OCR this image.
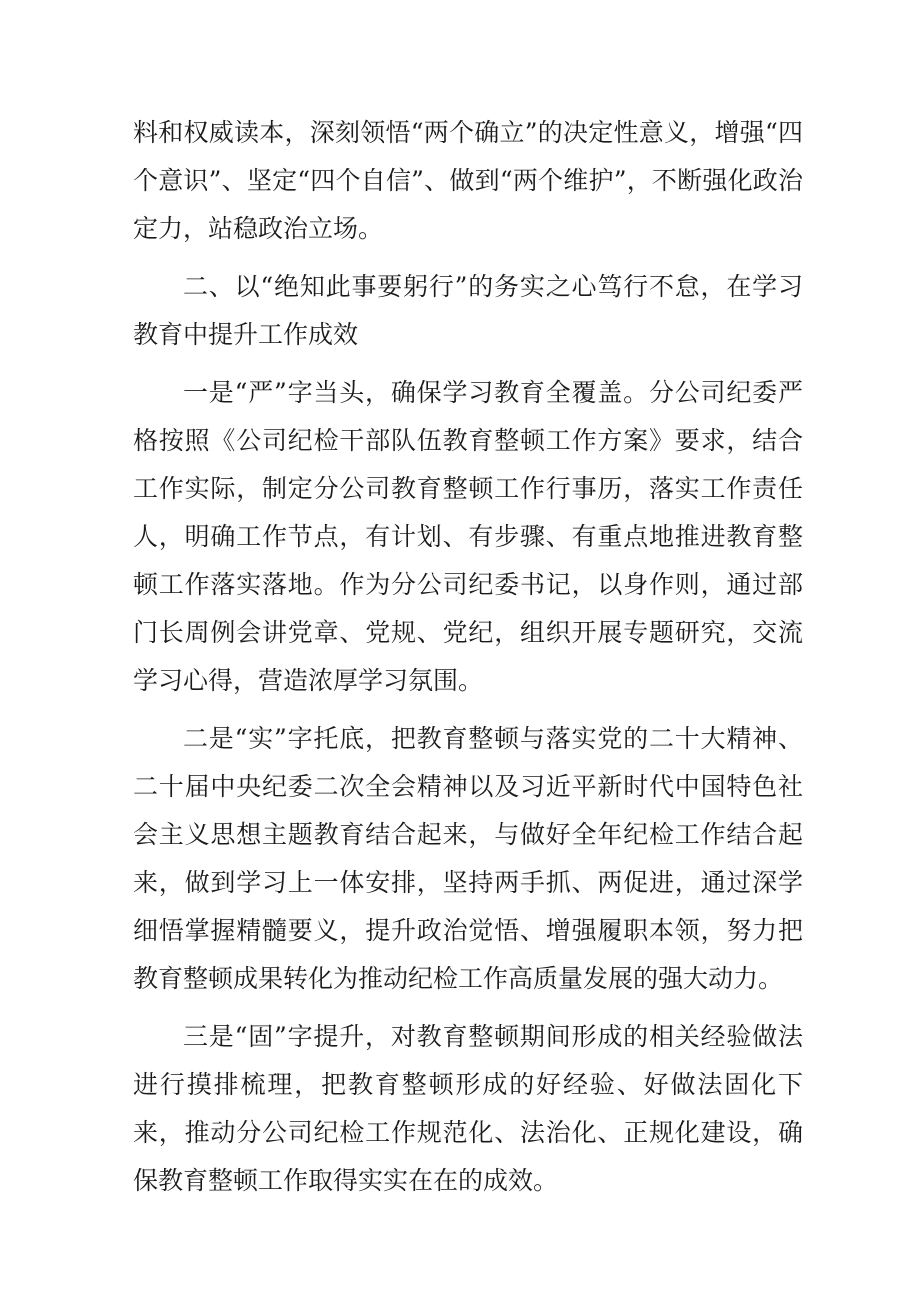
料和权威读本，深刻领悟“两个确立”的决定性意义，增强“四个意识”、坚定“四个自信”、做到“两个维护”，不断强化政治定力，站稳政治立场。

二、以“绝知此事要躬行”的务实之心笃行不怠，在学习教育中提升工作成效

一是“严”字当头，确保学习教育全覆盖。分公司纪委严格按照《公司纪检干部队伍教育整顿工作方案》要求，结合工作实际，制定分公司教育整顿工作行事历，落实工作责任人，明确工作节点，有计划、有步骤、有重点地推进教育整顿工作落实落地。作为分公司纪委书记，以身作则，通过部门长周例会讲党章、党规、党纪，组织开展专题研究，交流学习心得，营造浓厚学习氛围。

二是“实”字托底，把教育整顿与落实党的二十大精神、二十届中央纪委二次全会精神以及习近平新时代中国特色社会主义思想主题教育结合起来，与做好全年纪检工作结合起来，做到学习上一体安排，坚持两手抓、两促进，通过深学细悟掌握精髓要义，提升政治觉悟、增强履职本领，努力把教育整顿成果转化为推动纪检工作高质量发展的强大动力。

三是“固”字提升，对教育整顿期间形成的相关经验做法进行摸排梳理，把教育整顿形成的好经验、好做法固化下来，推动分公司纪检工作规范化、法治化、正规化建设，确保教育整顿工作取得实实在在的成效。
